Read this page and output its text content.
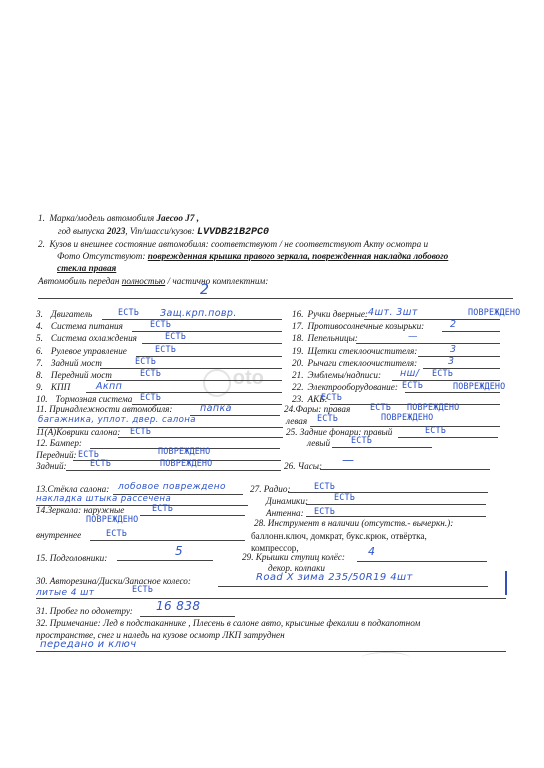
oto
1. Марка/модель автомобиля Jaecoo J7 ,
год выпуска 2023, Vin/шасси/кузов: LVVDB21B2PC0
2. Кузов и внешнее состояние автомобиля: соответствуют / не соответствуют Акту осмотра и
Фото Отсутствуют: поврежденная крышка правого зеркала, поврежденная накладка лобового
стекла правая
Автомобиль передан полностью / частично комплектним:
2
3. Двигатель	ЕСТЬ Защ.крп.повр.
4. Система питания	ЕСТЬ
5. Система охлаждения	ЕСТЬ
6. Рулевое управление	ЕСТЬ
7. Задний мост	ЕСТЬ
8. Передний мост	ЕСТЬ
9. КПП	Акпп
10. Тормозная система ЕСТЬ
16. Ручки дверные: 4шт. 3шт	ПОВРЕЖДЕНО
17. Противосолнечные козырьки:	2
18. Пепельницы:	—
19. Щетки стеклоочистителя:	3
20. Рычаги стеклоочистителя:	3
21. Эмблемы/надписи: нш/ ЕСТЬ
22. Электрооборудование: ЕСТЬ	ПОВРЕЖДЕНО
23. АКБ:
ЕСТЬ
11. Принадлежности автомобиля:	папка
багажника, уплот. двер. салона
24.Фары: правая ЕСТЬ ПОВРЕЖДЕНО
левая ЕСТЬ	ПОВРЕЖДЕНО
11(А)Коврики салона: ЕСТЬ	25. Задние фонари: правый	ЕСТЬ
левый ЕСТЬ
12. Бампер:
Передний: ЕСТЬ	ПОВРЕЖДЕНО
Задний:	ЕСТЬ	ПОВРЕЖДЕНО	26. Часы: —
13.Стёкла салона: лобовое повреждено
накладка штыка рассечена
27. Радио:	ЕСТЬ
Динамики:	ЕСТЬ
Антенна: ЕСТЬ
14.Зеркала: наружные	ЕСТЬ
ПОВРЕЖДЕНО
внутреннее	ЕСТЬ
28. Инструмент в наличии (отсутств.- вычеркн.):
баллонн.ключ, домкрат, букс.крюк, отвёртка,
компрессор,
15. Подголовники:	5	29. Крышки ступиц колёс: 4
декор. колпаки
30. Авторезина/Диски/Запасное колесо:	Road X зима 235/50R19 4шт
литые 4 шт	ЕСТЬ
31. Пробег по одометру: 16 838
32. Примечание: Лед в подстаканнике , Плесень в салоне авто, крысиные фекалии в подкапотном
пространстве, снег и наледь на кузове осмотр ЛКП затруднен
передано и ключ
